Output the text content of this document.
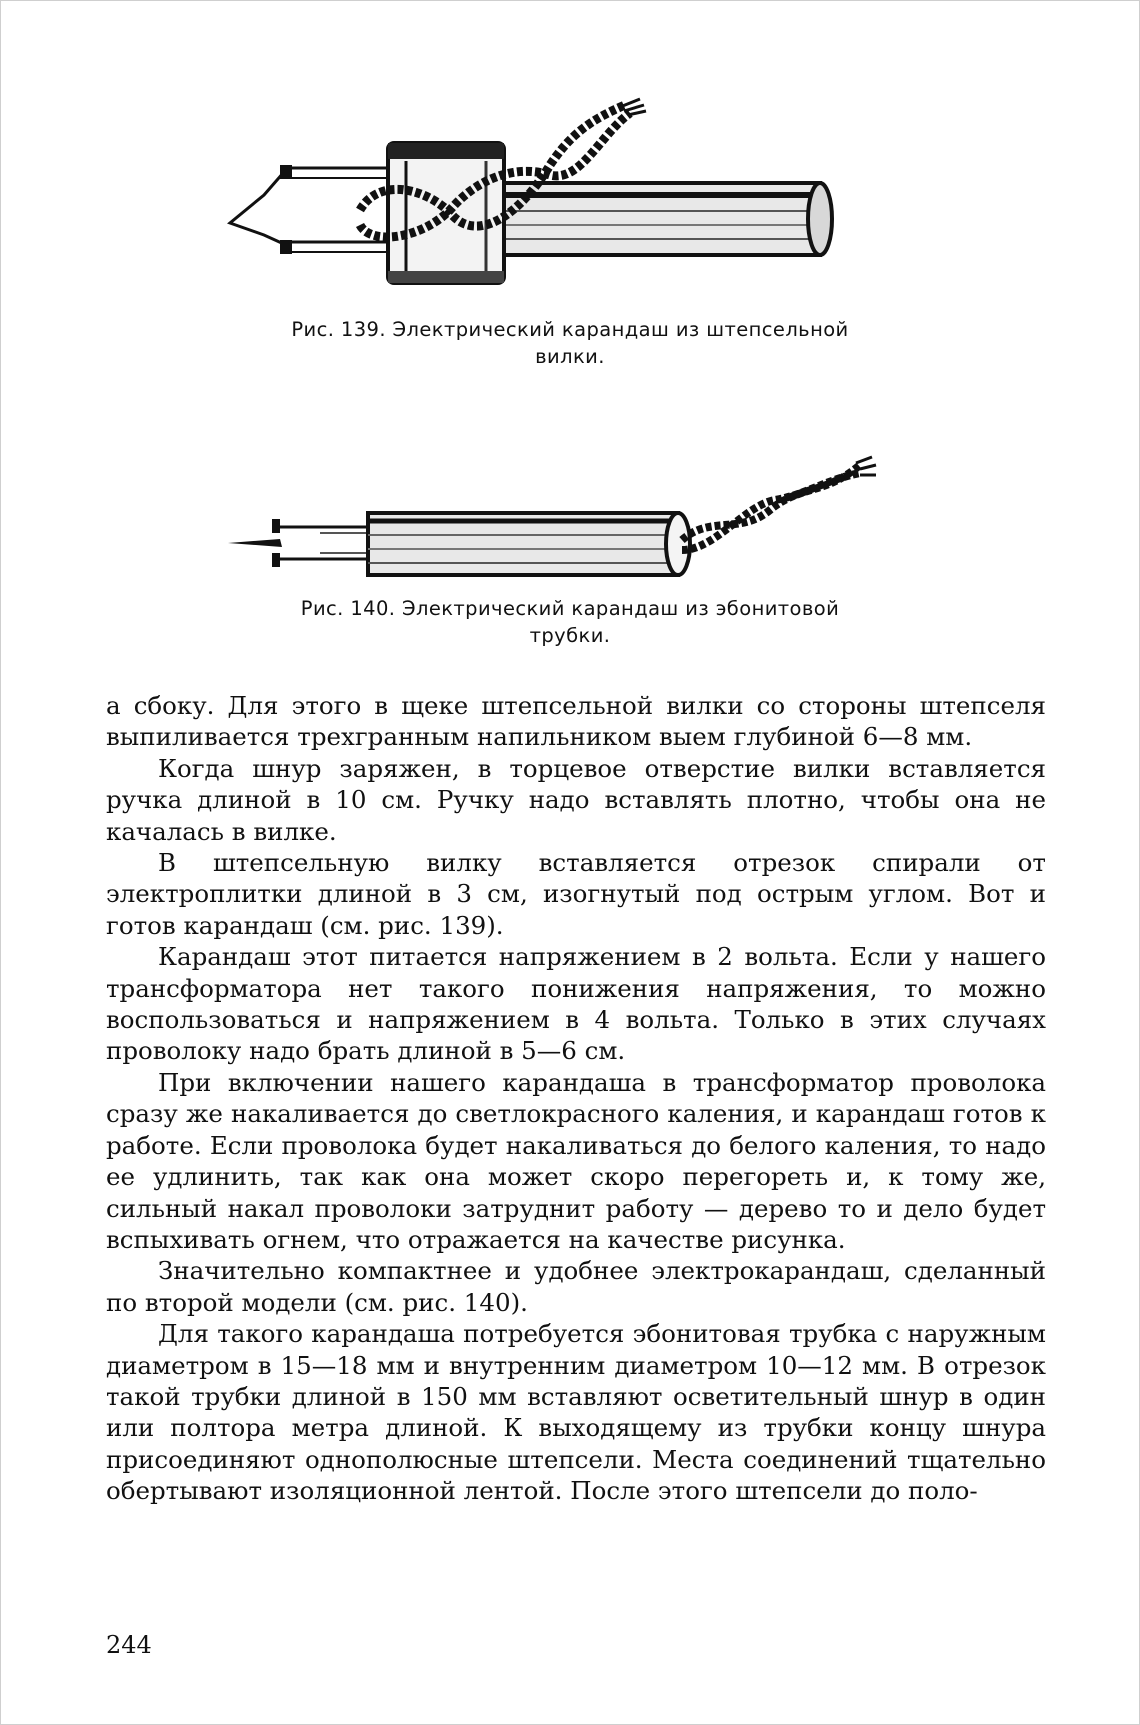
Рис. 139. Электрический карандаш из штепсельной
вилки.
Рис. 140. Электрический карандаш из эбонитовой
трубки.

а сбоку. Для этого в щеке штепсельной вилки со стороны штепселя выпиливается трехгранным напильником выем глубиной 6—8 мм.

Когда шнур заряжен, в торцевое отверстие вилки вставляется ручка длиной в 10 см. Ручку надо вставлять плотно, чтобы она не качалась в вилке.

В штепсельную вилку вставляется отрезок спирали от электроплитки длиной в 3 см, изогнутый под острым углом. Вот и готов карандаш (см. рис. 139).

Карандаш этот питается напряжением в 2 вольта. Если у нашего трансформатора нет такого понижения напряжения, то можно воспользоваться и напряжением в 4 вольта. Только в этих случаях проволоку надо брать длиной в 5—6 см.

При включении нашего карандаша в трансформатор проволока сразу же накаливается до светлокрасного каления, и карандаш готов к работе. Если проволока будет накаливаться до белого каления, то надо ее удлинить, так как она может скоро перегореть и, к тому же, сильный накал проволоки затруднит работу — дерево то и дело будет вспыхивать огнем, что отражается на качестве рисунка.

Значительно компактнее и удобнее электрокарандаш, сделанный по второй модели (см. рис. 140).

Для такого карандаша потребуется эбонитовая трубка с наружным диаметром в 15—18 мм и внутренним диаметром 10—12 мм. В отрезок такой трубки длиной в 150 мм вставляют осветительный шнур в один или полтора метра длиной. К выходящему из трубки концу шнура присоединяют однополюсные штепсели. Места соединений тщательно обертывают изоляционной лентой. После этого штепсели до поло-

244
